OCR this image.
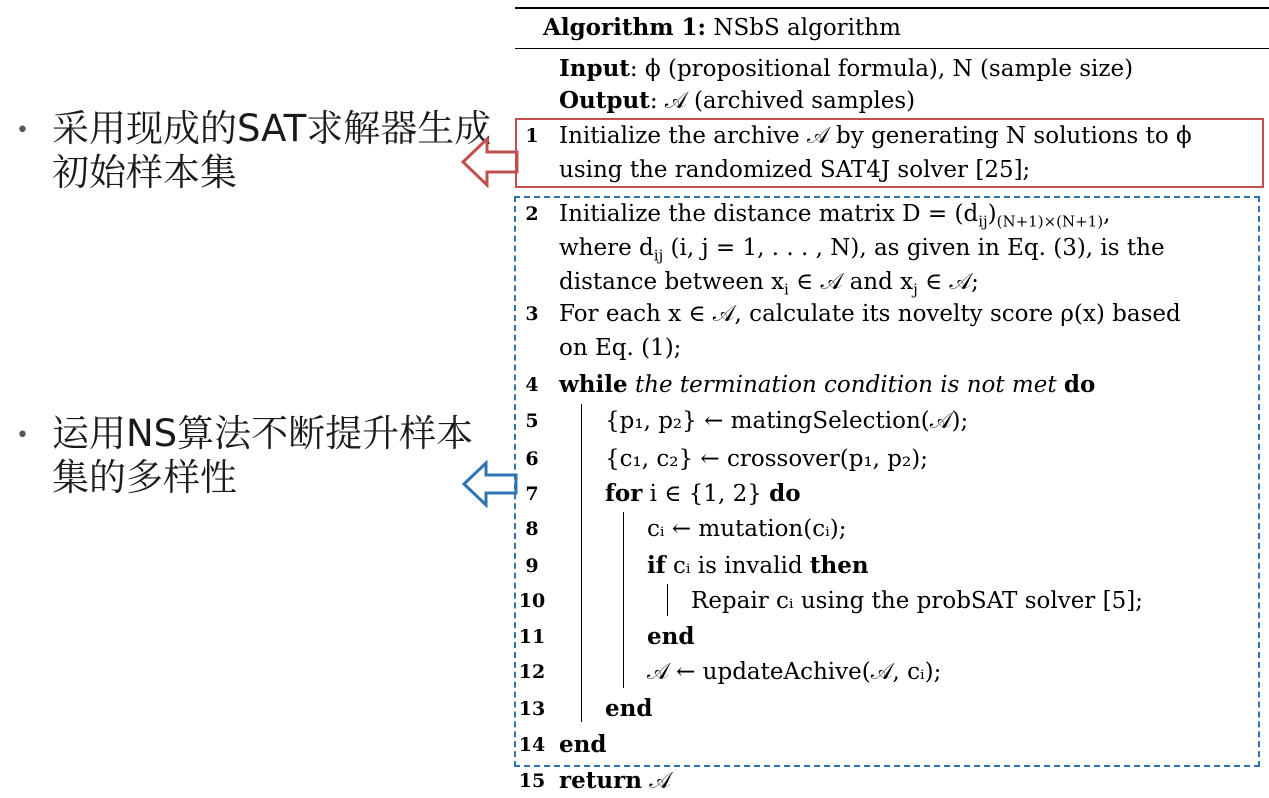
• 采用现成的SAT求解器生成初始样本集
• 运用NS算法不断提升样本集的多样性
Algorithm 1: NSbS algorithm
Input: ϕ (propositional formula), N (sample size)
Output: 𝒜 (archived samples)
1 Initialize the archive 𝒜 by generating N solutions to ϕ
using the randomized SAT4J solver [25];
2 Initialize the distance matrix $D = (d_{ij})_{(N+1)\times(N+1)}$,
where $d_{ij}$ (i, j = 1, . . . , N), as given in Eq. (3), is the
distance between $x_i$ ∈ 𝒜 and $x_j$ ∈ 𝒜;
3 For each x ∈ 𝒜, calculate its novelty score ρ(x) based
on Eq. (1);
4 while the termination condition is not met do
5	{p₁, p₂} ← matingSelection(𝒜);
6	{c₁, c₂} ← crossover(p₁, p₂);
7	for i ∈ {1, 2} do
8	cᵢ ← mutation(cᵢ);
9	if cᵢ is invalid then
10	Repair cᵢ using the probSAT solver [5];
11	end
12	𝒜 ← updateAchive(𝒜, cᵢ);
13	end
14 end
15 return 𝒜
